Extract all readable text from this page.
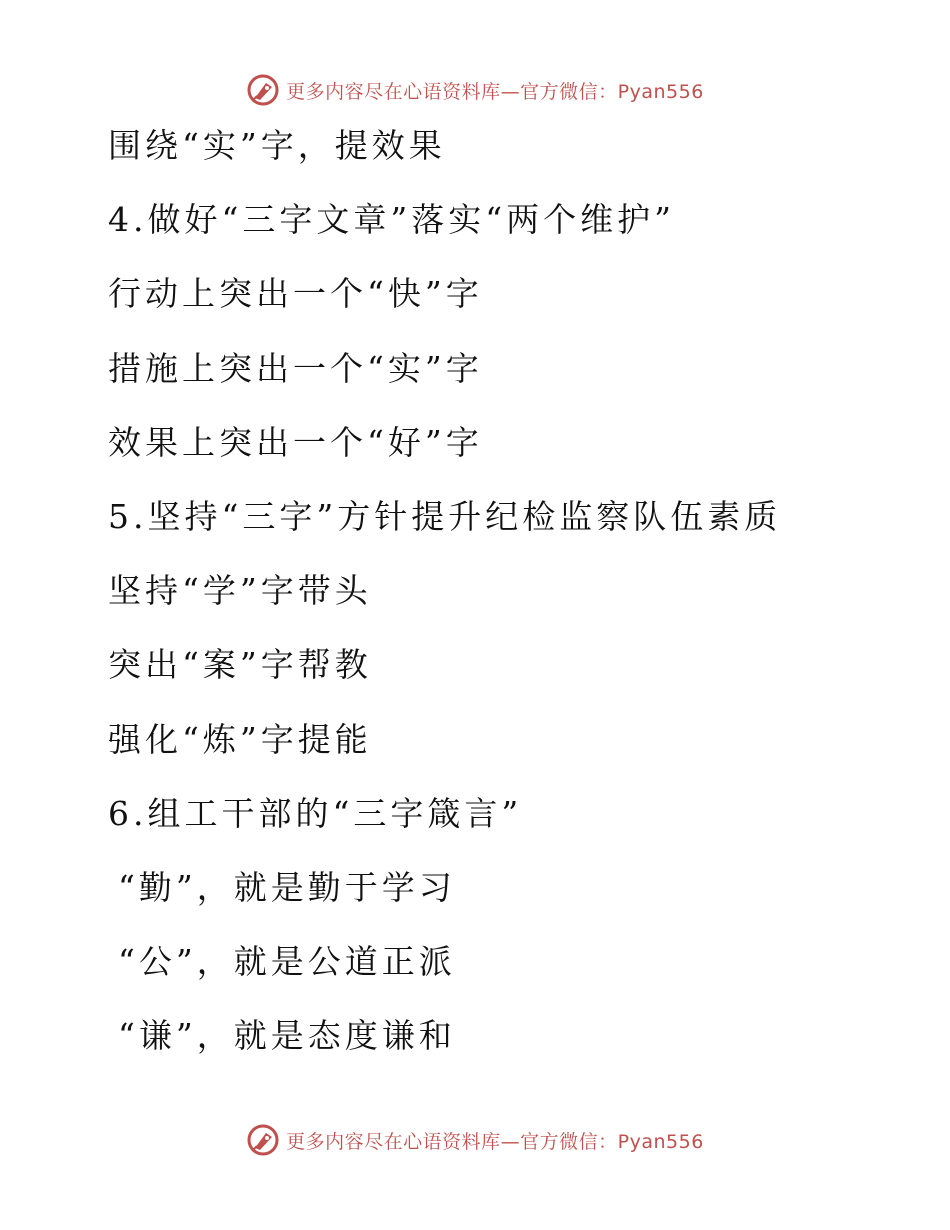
更多内容尽在心语资料库—官方微信：Pyan556
围绕“实”字，提效果
4.做好“三字文章”落实“两个维护”
行动上突出一个“快”字
措施上突出一个“实”字
效果上突出一个“好”字
5.坚持“三字”方针提升纪检监察队伍素质
坚持“学”字带头
突出“案”字帮教
强化“炼”字提能
6.组工干部的“三字箴言”
“勤”，就是勤于学习
“公”，就是公道正派
“谦”，就是态度谦和
更多内容尽在心语资料库—官方微信：Pyan556
